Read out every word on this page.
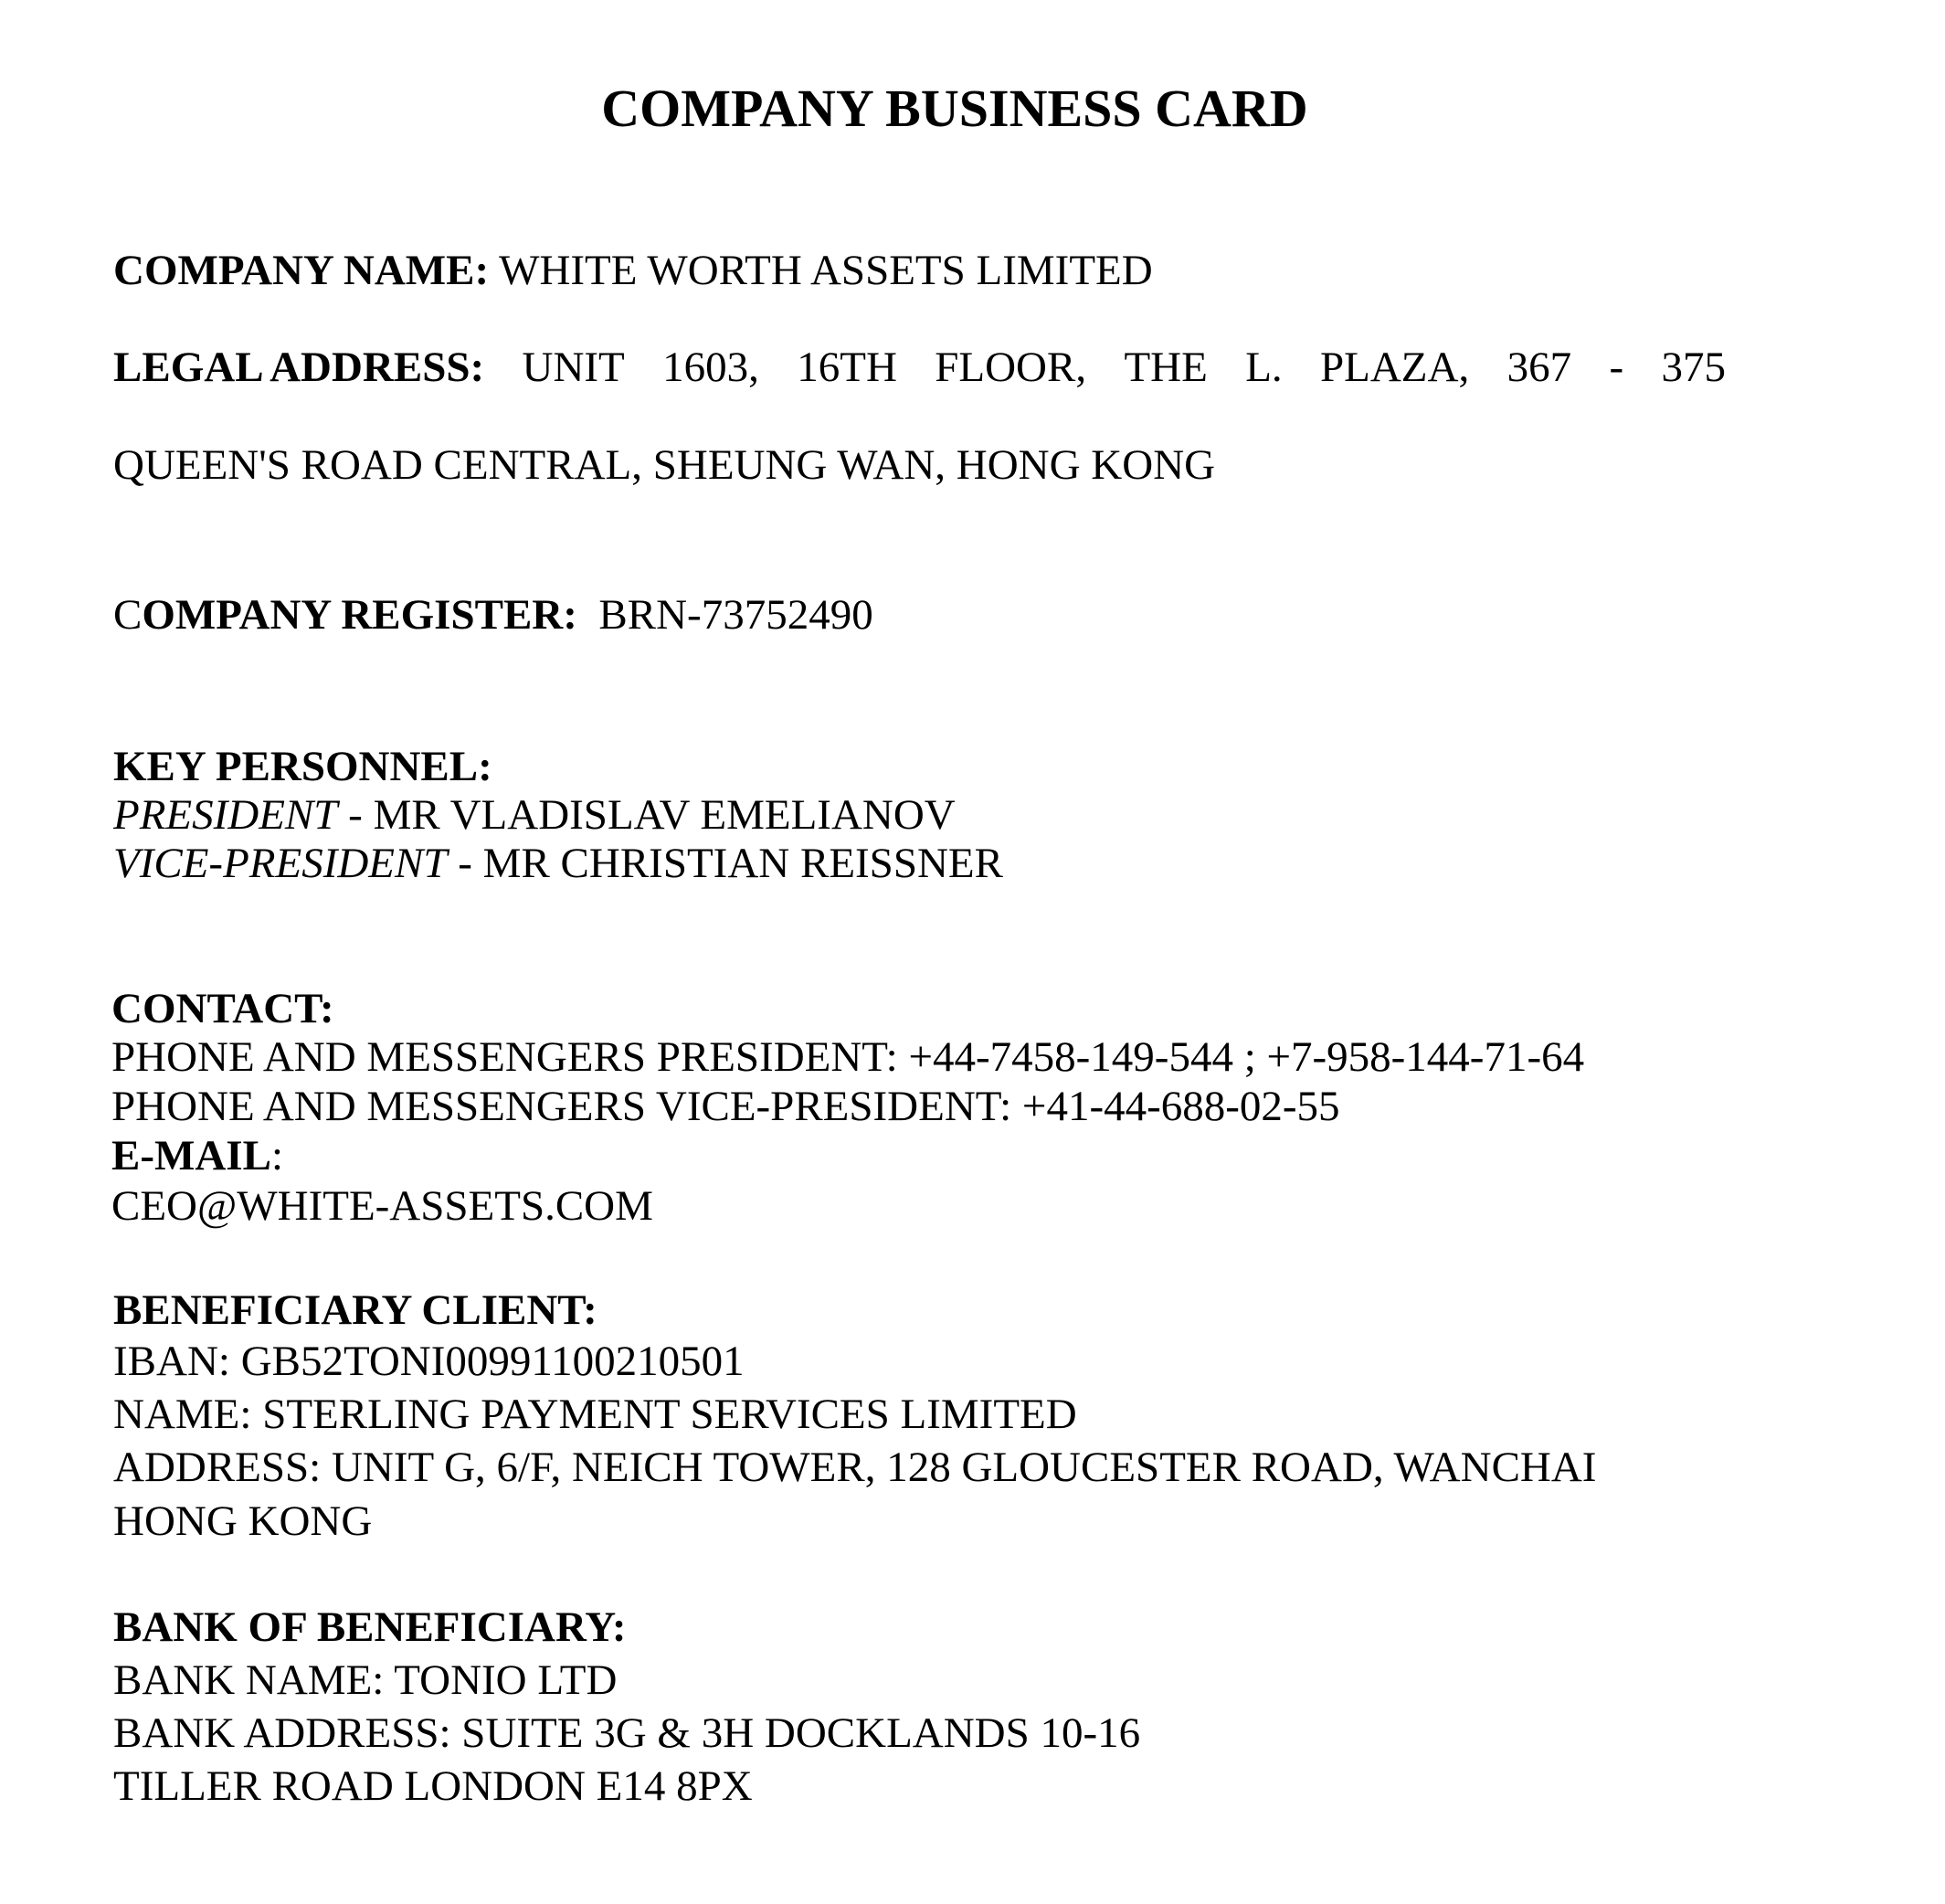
COMPANY BUSINESS CARD
COMPANY NAME: WHITE WORTH ASSETS LIMITED
LEGAL ADDRESS: UNIT 1603, 16TH FLOOR, THE L. PLAZA, 367 - 375
QUEEN'S ROAD CENTRAL, SHEUNG WAN, HONG KONG
COMPANY REGISTER: BRN-73752490
KEY PERSONNEL:
PRESIDENT - MR VLADISLAV EMELIANOV
VICE-PRESIDENT - MR CHRISTIAN REISSNER
CONTACT:
PHONE AND MESSENGERS PRESIDENT: +44-7458-149-544 ; +7-958-144-71-64
PHONE AND MESSENGERS VICE-PRESIDENT: +41-44-688-02-55
E-MAIL:
CEO@WHITE-ASSETS.COM
BENEFICIARY CLIENT:
IBAN: GB52TONI00991100210501
NAME: STERLING PAYMENT SERVICES LIMITED
ADDRESS: UNIT G, 6/F, NEICH TOWER, 128 GLOUCESTER ROAD, WANCHAI
HONG KONG
BANK OF BENEFICIARY:
BANK NAME: TONIO LTD
BANK ADDRESS: SUITE 3G & 3H DOCKLANDS 10-16
TILLER ROAD LONDON E14 8PX
